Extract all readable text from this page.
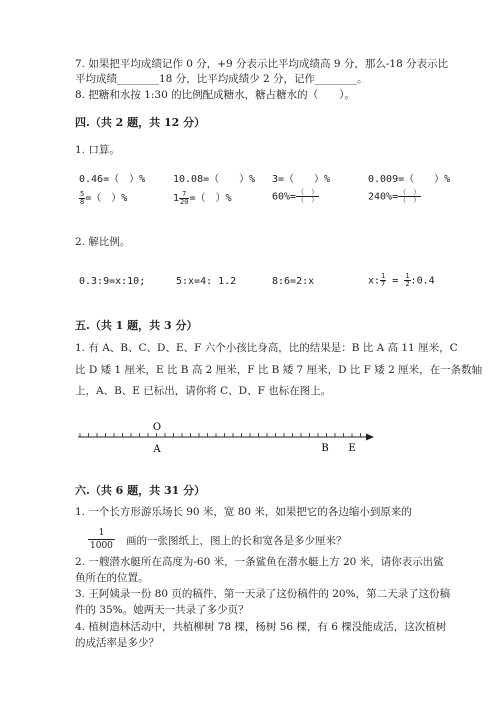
7. 如果把平均成绩记作 0 分，+9 分表示比平均成绩高 9 分，那么-18 分表示比
平均成绩________18 分，比平均成绩少 2 分，记作________。
8. 把糖和水按 1:30 的比例配成糖水，糖占糖水的（　　）。
四.（共 2 题，共 12 分）
1. 口算。
0.46=（　）%	10.08=（　　）% 3=（　　）%	0.009=（　　）%
$\frac{5}{8}$ =（　）%	$1 \frac{7}{20}$ =（　）%	$60\%= \frac{( )}{( )}$	$240\%= \frac{( )}{( )}$
2. 解比例。
0.3:9=x:10;	5:x=4: 1.2	8:6=2:x	x: $\frac{1}{7} = \frac{1}{2}$ :0.4
五.（共 1 题，共 3 分）
1. 有 A、B、C、D、E、F 六个小孩比身高，比的结果是：B 比 A 高 11 厘米，C
比 D 矮 1 厘米，E 比 B 高 2 厘米，F 比 B 矮 7 厘米，D 比 F 矮 2 厘米，在一条数轴
上，A、B、E 已标出，请你将 C、D、F 也标在图上。
O
A	B E
六.（共 6 题，共 31 分）
1. 一个长方形游乐场长 90 米，宽 80 米，如果把它的各边缩小到原来的
$\frac{1}{1000}$ 画的一张图纸上，图上的长和宽各是多少厘米？
2. 一艘潜水艇所在高度为-60 米，一条鲨鱼在潜水艇上方 20 米，请你表示出鲨
鱼所在的位置。
3. 王阿姨录一份 80 页的稿件，第一天录了这份稿件的 20%，第二天录了这份稿
件的 35%。她两天一共录了多少页？
4. 植树造林活动中，共植柳树 78 棵，杨树 56 棵，有 6 棵没能成活，这次植树
的成活率是多少？
